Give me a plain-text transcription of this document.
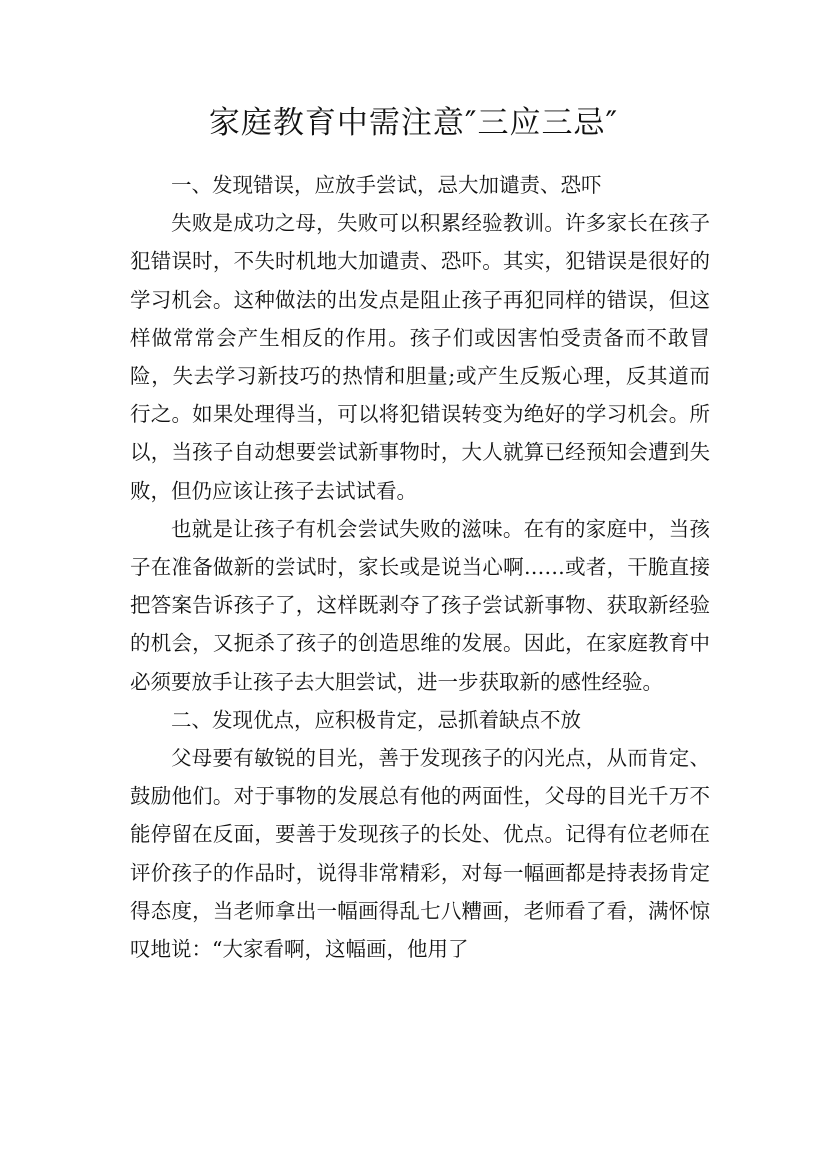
家庭教育中需注意″三应三忌″

一、发现错误，应放手尝试，忌大加谴责、恐吓

失败是成功之母，失败可以积累经验教训。许多家长在孩子犯错误时，不失时机地大加谴责、恐吓。其实，犯错误是很好的学习机会。这种做法的出发点是阻止孩子再犯同样的错误，但这样做常常会产生相反的作用。孩子们或因害怕受责备而不敢冒险，失去学习新技巧的热情和胆量;或产生反叛心理，反其道而行之。如果处理得当，可以将犯错误转变为绝好的学习机会。所以，当孩子自动想要尝试新事物时，大人就算已经预知会遭到失败，但仍应该让孩子去试试看。

也就是让孩子有机会尝试失败的滋味。在有的家庭中，当孩子在准备做新的尝试时，家长或是说当心啊……或者，干脆直接把答案告诉孩子了，这样既剥夺了孩子尝试新事物、获取新经验的机会，又扼杀了孩子的创造思维的发展。因此，在家庭教育中必须要放手让孩子去大胆尝试，进一步获取新的感性经验。

二、发现优点，应积极肯定，忌抓着缺点不放

父母要有敏锐的目光，善于发现孩子的闪光点，从而肯定、鼓励他们。对于事物的发展总有他的两面性，父母的目光千万不能停留在反面，要善于发现孩子的长处、优点。记得有位老师在评价孩子的作品时，说得非常精彩，对每一幅画都是持表扬肯定得态度，当老师拿出一幅画得乱七八糟画，老师看了看，满怀惊叹地说：“大家看啊，这幅画，他用了
